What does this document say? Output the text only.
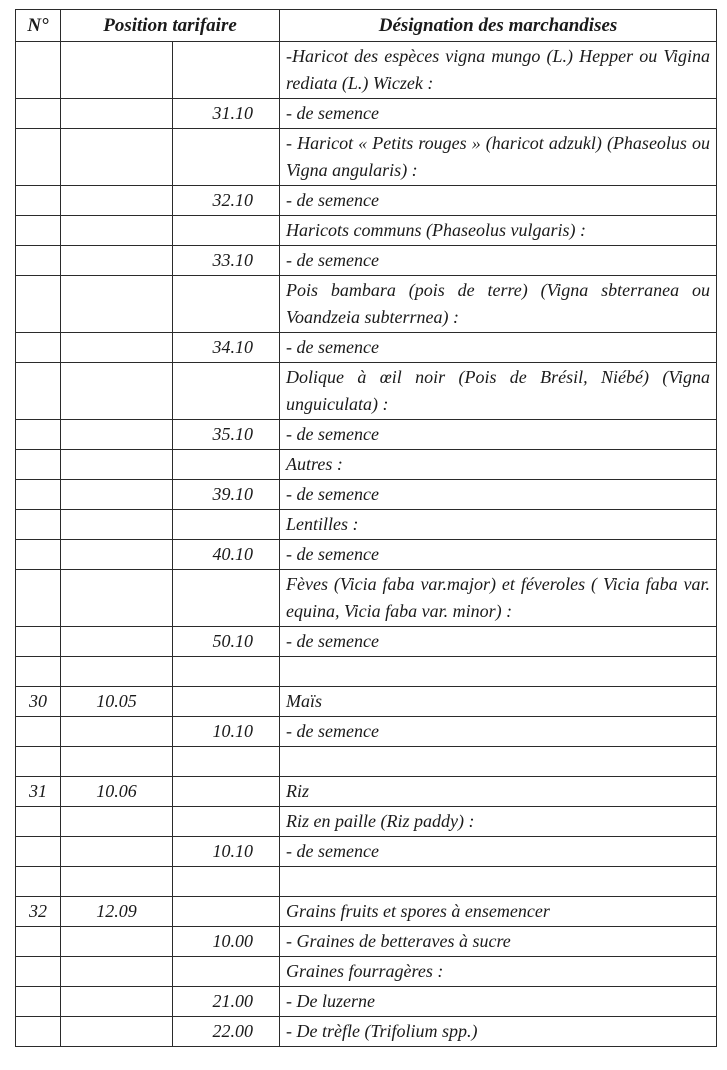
N°	Position tarifaire		Désignation des marchandises
			-Haricot des espèces vigna mungo (L.) Hepper ou Vigina rediata (L.) Wiczek :
		31.10	- de semence
			- Haricot « Petits rouges » (haricot adzukl) (Phaseolus ou Vigna angularis) :
		32.10	- de semence
			Haricots communs (Phaseolus vulgaris) :
		33.10	- de semence
			Pois bambara (pois de terre) (Vigna sbterranea ou Voandzeia subterrnea) :
		34.10	- de semence
			Dolique à œil noir (Pois de Brésil, Niébé) (Vigna unguiculata) :
		35.10	- de semence
			Autres :
		39.10	- de semence
			Lentilles :
		40.10	- de semence
			Fèves (Vicia faba var.major) et féveroles ( Vicia faba var. equina, Vicia faba var. minor) :
		50.10	- de semence

30	10.05		Maïs
		10.10	- de semence

31	10.06		Riz
			Riz en paille (Riz paddy) :
		10.10	- de semence

32	12.09		Grains fruits et spores à ensemencer
		10.00	- Graines de betteraves à sucre
			Graines fourragères :
		21.00	- De luzerne
		22.00	- De trèfle (Trifolium spp.)
